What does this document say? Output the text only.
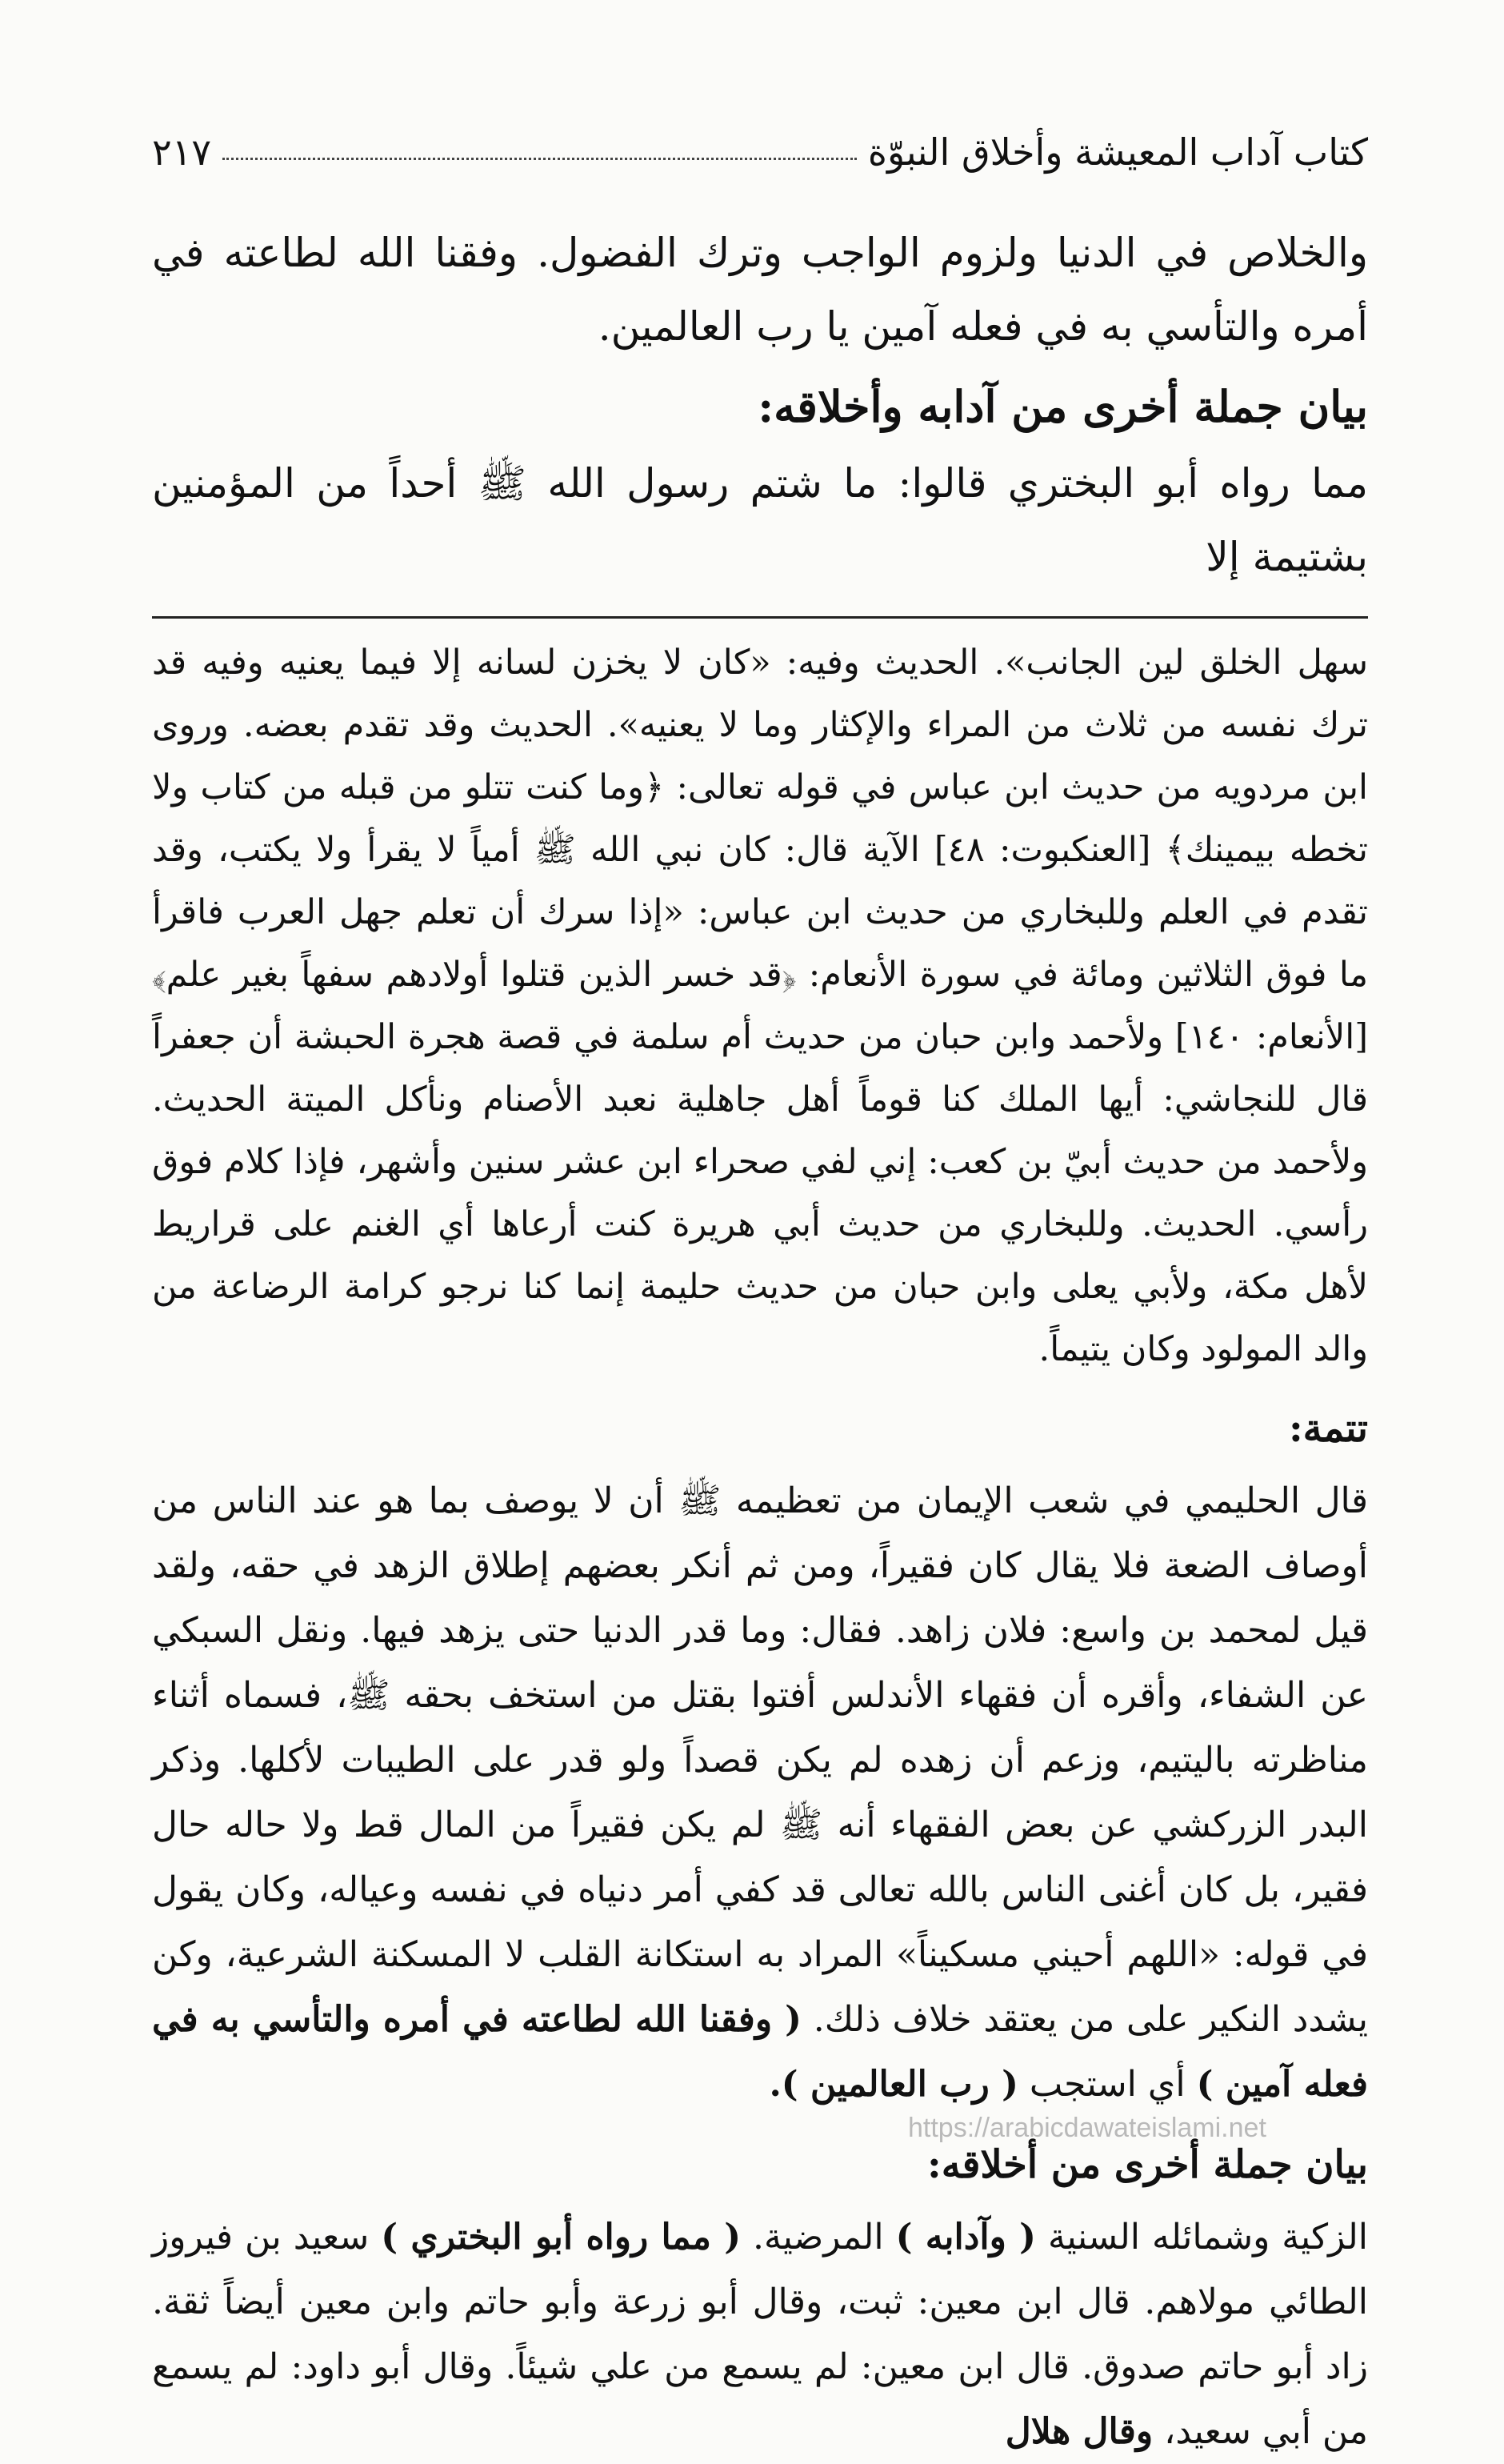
كتاب آداب المعيشة وأخلاق النبوّة
٢١٧

والخلاص في الدنيا ولزوم الواجب وترك الفضول. وفقنا الله لطاعته في أمره والتأسي به في فعله آمين يا رب العالمين.

بيان جملة أخرى من آدابه وأخلاقه:

مما رواه أبو البختري قالوا: ما شتم رسول الله ﷺ أحداً من المؤمنين بشتيمة إلا

سهل الخلق لين الجانب». الحديث وفيه: «كان لا يخزن لسانه إلا فيما يعنيه وفيه قد ترك نفسه من ثلاث من المراء والإكثار وما لا يعنيه». الحديث وقد تقدم بعضه. وروى ابن مردويه من حديث ابن عباس في قوله تعالى: ﴿وما كنت تتلو من قبله من كتاب ولا تخطه بيمينك﴾ [العنكبوت: ٤٨] الآية قال: كان نبي الله ﷺ أمياً لا يقرأ ولا يكتب، وقد تقدم في العلم وللبخاري من حديث ابن عباس: «إذا سرك أن تعلم جهل العرب فاقرأ ما فوق الثلاثين ومائة في سورة الأنعام: ﴿قد خسر الذين قتلوا أولادهم سفهاً بغير علم﴾ [الأنعام: ١٤٠] ولأحمد وابن حبان من حديث أم سلمة في قصة هجرة الحبشة أن جعفراً قال للنجاشي: أيها الملك كنا قوماً أهل جاهلية نعبد الأصنام ونأكل الميتة الحديث. ولأحمد من حديث أبيّ بن كعب: إني لفي صحراء ابن عشر سنين وأشهر، فإذا كلام فوق رأسي. الحديث. وللبخاري من حديث أبي هريرة كنت أرعاها أي الغنم على قراريط لأهل مكة، ولأبي يعلى وابن حبان من حديث حليمة إنما كنا نرجو كرامة الرضاعة من والد المولود وكان يتيماً.

تتمة:

قال الحليمي في شعب الإيمان من تعظيمه ﷺ أن لا يوصف بما هو عند الناس من أوصاف الضعة فلا يقال كان فقيراً، ومن ثم أنكر بعضهم إطلاق الزهد في حقه، ولقد قيل لمحمد بن واسع: فلان زاهد. فقال: وما قدر الدنيا حتى يزهد فيها. ونقل السبكي عن الشفاء، وأقره أن فقهاء الأندلس أفتوا بقتل من استخف بحقه ﷺ، فسماه أثناء مناظرته باليتيم، وزعم أن زهده لم يكن قصداً ولو قدر على الطيبات لأكلها. وذكر البدر الزركشي عن بعض الفقهاء أنه ﷺ لم يكن فقيراً من المال قط ولا حاله حال فقير، بل كان أغنى الناس بالله تعالى قد كفي أمر دنياه في نفسه وعياله، وكان يقول في قوله: «اللهم أحيني مسكيناً» المراد به استكانة القلب لا المسكنة الشرعية، وكن يشدد النكير على من يعتقد خلاف ذلك. ( وفقنا الله لطاعته في أمره والتأسي به في فعله آمين ) أي استجب ( رب العالمين ).

بيان جملة أخرى من أخلاقه:

الزكية وشمائله السنية ( وآدابه ) المرضية. ( مما رواه أبو البختري ) سعيد بن فيروز الطائي مولاهم. قال ابن معين: ثبت، وقال أبو زرعة وأبو حاتم وابن معين أيضاً ثقة. زاد أبو حاتم صدوق. قال ابن معين: لم يسمع من علي شيئاً. وقال أبو داود: لم يسمع من أبي سعيد، وقال هلال

https://arabicdawateislami.net
